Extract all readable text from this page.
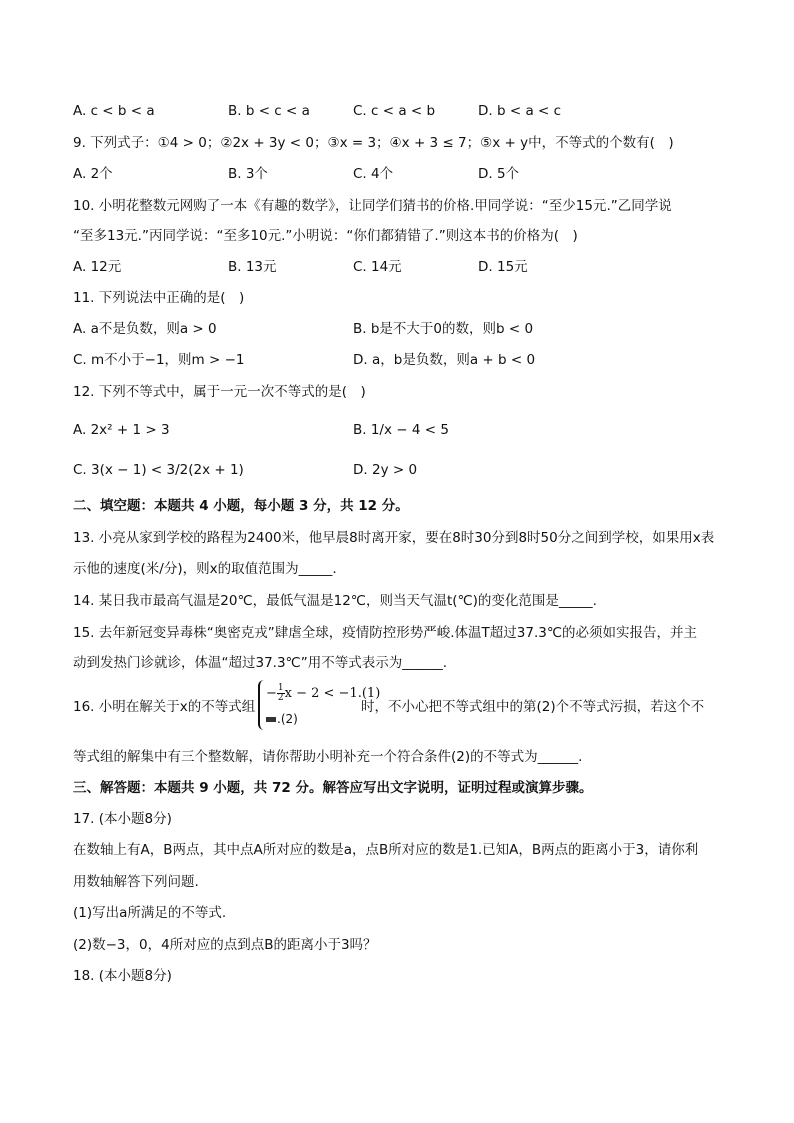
A. c < b < a	B. b < c < a	C. c < a < b	D. b < a < c
9. 下列式子：①4 > 0；②2x + 3y < 0；③x = 3；④x + 3 ≤ 7；⑤x + y中，不等式的个数有(　)
A. 2个	B. 3个	C. 4个	D. 5个
10. 小明花整数元网购了一本《有趣的数学》，让同学们猜书的价格.甲同学说：“至少15元.”乙同学说
“至多13元.”丙同学说：“至多10元.”小明说：“你们都猜错了.”则这本书的价格为(　)
A. 12元	B. 13元	C. 14元	D. 15元
11. 下列说法中正确的是(　)
A. a不是负数，则a > 0	B. b是不大于0的数，则b < 0
C. m不小于−1，则m > −1	D. a，b是负数，则a + b < 0
12. 下列不等式中，属于一元一次不等式的是(　)
A. 2x² + 1 > 3	B. 1/x − 4 < 5
C. 3(x − 1) < 3/2(2x + 1)	D. 2y > 0
二、填空题：本题共 4 小题，每小题 3 分，共 12 分。
13. 小亮从家到学校的路程为2400米，他早晨8时离开家，要在8时30分到8时50分之间到学校，如果用x表
示他的速度(米/分)，则x的取值范围为_____.
14. 某日我市最高气温是20℃，最低气温是12℃，则当天气温t(℃)的变化范围是_____.
15. 去年新冠变异毒株“奥密克戎”肆虐全球，疫情防控形势严峻.体温T超过37.3℃的必须如实报告，并主
动到发热门诊就诊，体温“超过37.3℃”用不等式表示为______.
16. 小明在解关于x的不等式组
− $\frac{1}{2}$ x − 2 < −1.(1)
.(2)
时，不小心把不等式组中的第(2)个不等式污损，若这个不
等式组的解集中有三个整数解，请你帮助小明补充一个符合条件(2)的不等式为______.
三、解答题：本题共 9 小题，共 72 分。解答应写出文字说明，证明过程或演算步骤。
17. (本小题8分)
在数轴上有A，B两点，其中点A所对应的数是a，点B所对应的数是1.已知A，B两点的距离小于3，请你利
用数轴解答下列问题.
(1)写出a所满足的不等式.
(2)数−3，0，4所对应的点到点B的距离小于3吗？
18. (本小题8分)
